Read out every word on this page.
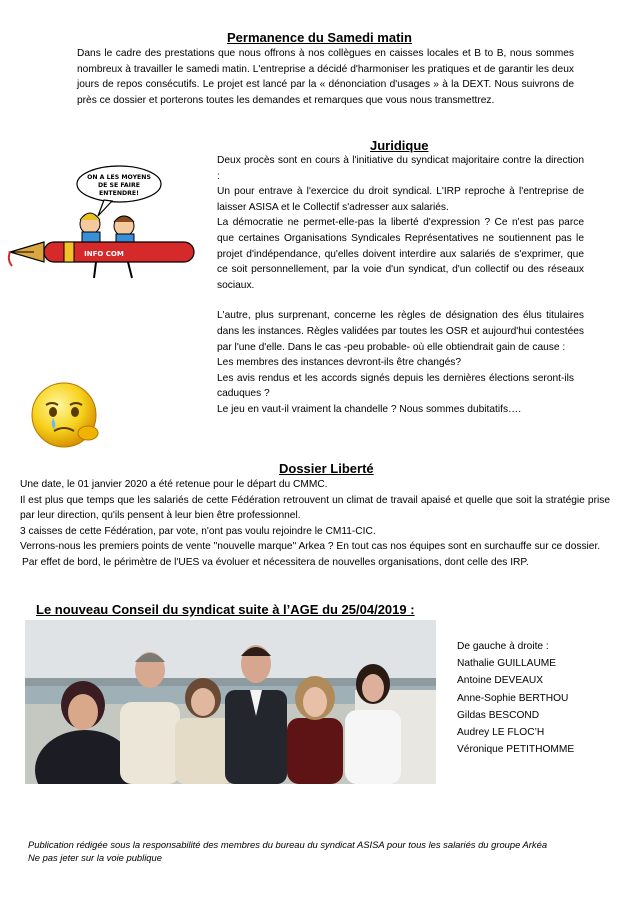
Permanence du Samedi matin

Dans le cadre des prestations que nous offrons à nos collègues en caisses locales et B to B, nous sommes nombreux à travailler le samedi matin. L'entreprise a décidé d'harmoniser les pratiques et de garantir les deux jours de repos consécutifs. Le projet est lancé par la « dénonciation d'usages » à la DEXT. Nous suivrons de près ce dossier et porterons toutes les demandes et remarques que vous nous transmettrez.

Juridique
ON A LES MOYENS
DE SE FAIRE
ENTENDRE!
INFO COM

Deux procès sont en cours à l'initiative du syndicat majoritaire contre la direction :

Un pour entrave à l'exercice du droit syndical. L'IRP reproche à l'entreprise de laisser ASISA et le Collectif s'adresser aux salariés.

La démocratie ne permet-elle-pas la liberté d'expression ? Ce n'est pas parce que certaines Organisations Syndicales Représentatives ne soutiennent pas le projet d'indépendance, qu'elles doivent interdire aux salariés de s'exprimer, que ce soit personnellement, par la voie d'un syndicat, d'un collectif ou des réseaux sociaux.

L'autre, plus surprenant, concerne les règles de désignation des élus titulaires dans les instances. Règles validées par toutes les OSR et aujourd'hui contestées par l'une d'elle. Dans le cas -peu probable- où elle obtiendrait gain de cause :

Les membres des instances devront-ils être changés?

Les avis rendus et les accords signés depuis les dernières élections seront-ils caduques ?

Le jeu en vaut-il vraiment la chandelle ? Nous sommes dubitatifs….

Dossier Liberté

Une date, le 01 janvier 2020 a été retenue pour le départ du CMMC.

Il est plus que temps que les salariés de cette Fédération retrouvent un climat de travail apaisé et quelle que soit la stratégie prise par leur direction, qu'ils pensent à leur bien être professionnel.

3 caisses de cette Fédération, par vote, n'ont pas voulu rejoindre le CM11-CIC.

Verrons-nous les premiers points de vente "nouvelle marque" Arkea ? En tout cas nos équipes sont en surchauffe sur ce dossier.

Par effet de bord, le périmètre de l'UES va évoluer et nécessitera de nouvelles organisations, dont celle des IRP.

Le nouveau Conseil du syndicat suite à l’AGE du 25/04/2019 :
De gauche à droite :
Nathalie GUILLAUME
Antoine DEVEAUX
Anne-Sophie BERTHOU
Gildas BESCOND
Audrey LE FLOC’H
Véronique PETITHOMME
Publication rédigée sous la responsabilité des membres du bureau du syndicat ASISA pour tous les salariés du groupe Arkéa
Ne pas jeter sur la voie publique
